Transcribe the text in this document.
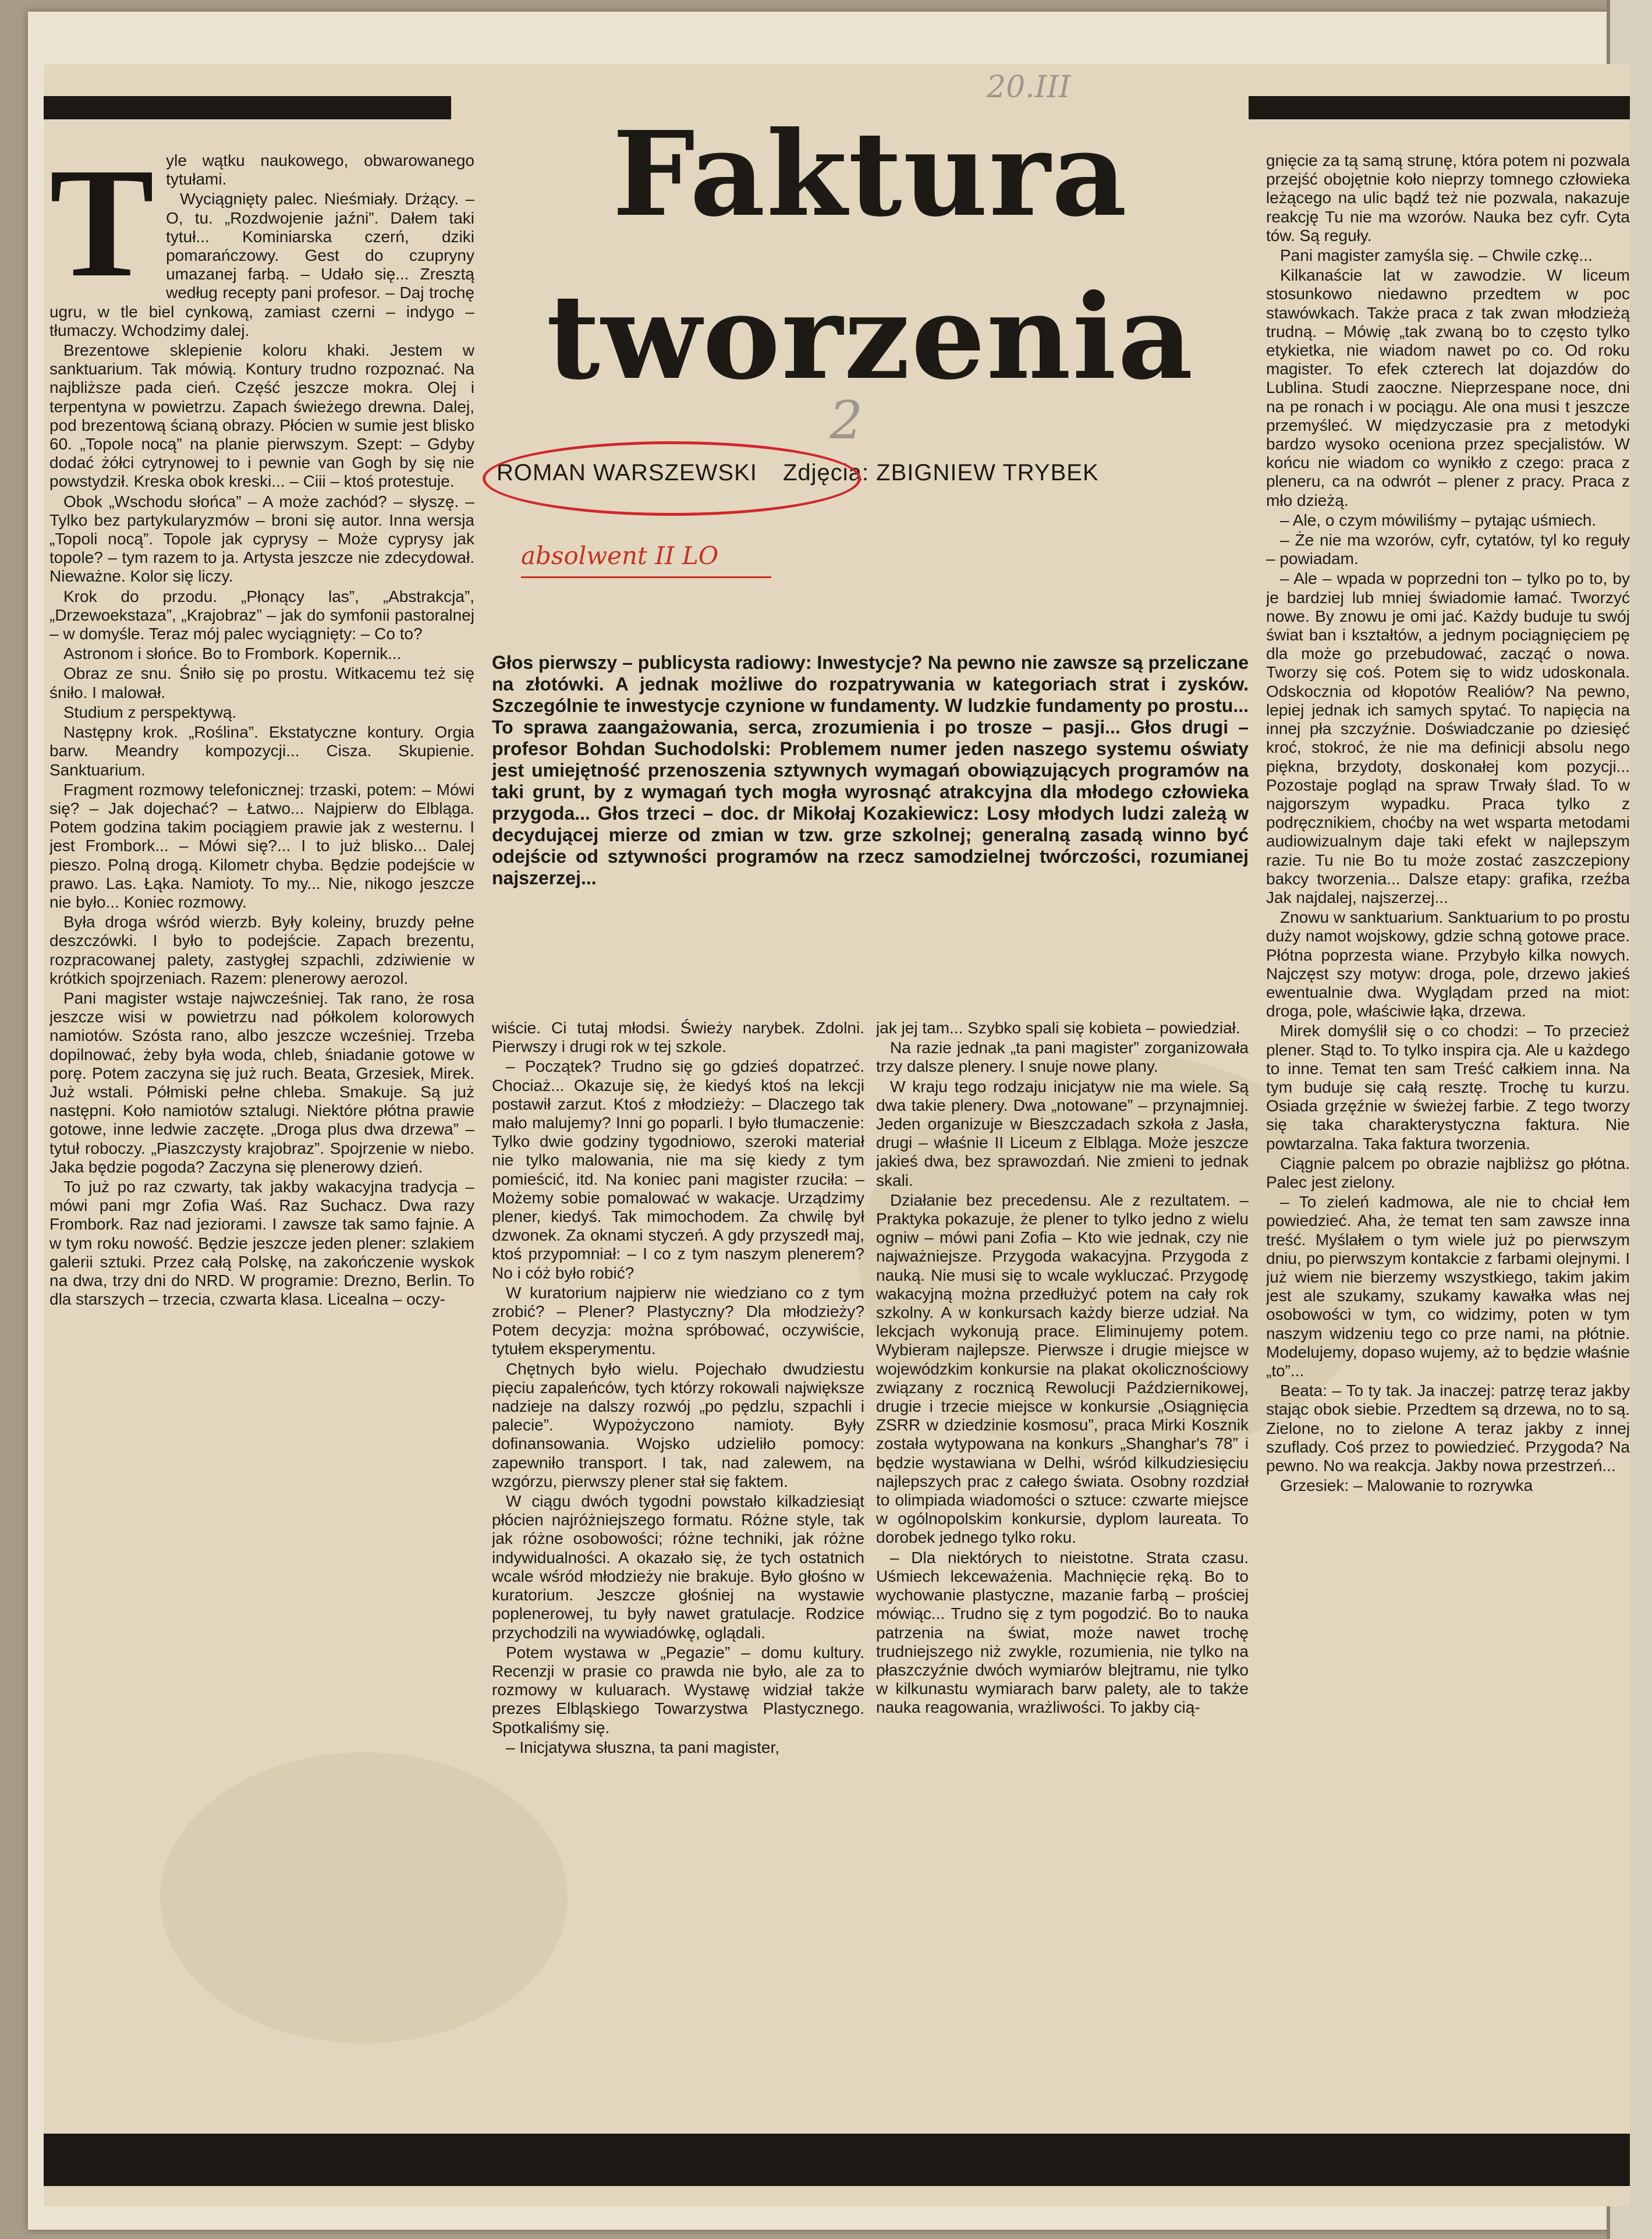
20.III
2
Faktura
tworzenia
ROMAN WARSZEWSKI Zdjęcia: ZBIGNIEW TRYBEK
absolwent II LO
Głos pierwszy – publicysta radiowy: Inwestycje? Na pewno nie zawsze są przeliczane na złotówki. A jednak możliwe do rozpatrywania w kategoriach strat i zysków. Szczególnie te inwestycje czynione w fundamenty. W ludzkie fundamenty po prostu... To sprawa zaangażowania, serca, zrozumienia i po trosze – pasji... Głos drugi – profesor Bohdan Suchodolski: Problemem numer jeden naszego systemu oświaty jest umiejętność przenoszenia sztywnych wymagań obowiązujących programów na taki grunt, by z wymagań tych mogła wyrosnąć atrakcyjna dla młodego człowieka przygoda... Głos trzeci – doc. dr Mikołaj Kozakiewicz: Losy młodych ludzi zależą w decydującej mierze od zmian w tzw. grze szkolnej; generalną zasadą winno być odejście od sztywności programów na rzecz samodzielnej twórczości, rozumianej najszerzej...
T yle wątku naukowego, obwarowanego tytułami.

Wyciągnięty palec. Nieśmiały. Drżący. – O, tu. „Rozdwojenie jaźni”. Dałem taki tytuł... Kominiarska czerń, dziki pomarańczowy. Gest do czupryny umazanej farbą. – Udało się... Zresztą według recepty pani profesor. – Daj trochę ugru, w tle biel cynkową, zamiast czerni – indygo – tłumaczy. Wchodzimy dalej.

Brezentowe sklepienie koloru khaki. Jestem w sanktuarium. Tak mówią. Kontury trudno rozpoznać. Na najbliższe pada cień. Część jeszcze mokra. Olej i terpentyna w powietrzu. Zapach świeżego drewna. Dalej, pod brezentową ścianą obrazy. Płócien w sumie jest blisko 60. „Topole nocą” na planie pierwszym. Szept: – Gdyby dodać żółci cytrynowej to i pewnie van Gogh by się nie powstydził. Kreska obok kreski... – Ciii – ktoś protestuje.

Obok „Wschodu słońca” – A może zachód? – słyszę. – Tylko bez partykularyzmów – broni się autor. Inna wersja „Topoli nocą”. Topole jak cyprysy – Może cyprysy jak topole? – tym razem to ja. Artysta jeszcze nie zdecydował. Nieważne. Kolor się liczy.

Krok do przodu. „Płonący las”, „Abstrakcja”, „Drzewoekstaza”, „Krajobraz” – jak do symfonii pastoralnej – w domyśle. Teraz mój palec wyciągnięty: – Co to?

Astronom i słońce. Bo to Frombork. Kopernik...

Obraz ze snu. Śniło się po prostu. Witkacemu też się śniło. I malował.

Studium z perspektywą.

Następny krok. „Roślina”. Ekstatyczne kontury. Orgia barw. Meandry kompozycji... Cisza. Skupienie. Sanktuarium.

Fragment rozmowy telefonicznej: trzaski, potem: – Mówi się? – Jak dojechać? – Łatwo... Najpierw do Elbląga. Potem godzina takim pociągiem prawie jak z westernu. I jest Frombork... – Mówi się?... I to już blisko... Dalej pieszo. Polną drogą. Kilometr chyba. Będzie podejście w prawo. Las. Łąka. Namioty. To my... Nie, nikogo jeszcze nie było... Koniec rozmowy.

Była droga wśród wierzb. Były koleiny, bruzdy pełne deszczówki. I było to podejście. Zapach brezentu, rozpracowanej palety, zastygłej szpachli, zdziwienie w krótkich spojrzeniach. Razem: plenerowy aerozol.

Pani magister wstaje najwcześniej. Tak rano, że rosa jeszcze wisi w powietrzu nad półkolem kolorowych namiotów. Szósta rano, albo jeszcze wcześniej. Trzeba dopilnować, żeby była woda, chleb, śniadanie gotowe w porę. Potem zaczyna się już ruch. Beata, Grzesiek, Mirek. Już wstali. Półmiski pełne chleba. Smakuje. Są już następni. Koło namiotów sztalugi. Niektóre płótna prawie gotowe, inne ledwie zaczęte. „Droga plus dwa drzewa” – tytuł roboczy. „Piaszczysty krajobraz”. Spojrzenie w niebo. Jaka będzie pogoda? Zaczyna się plenerowy dzień.

To już po raz czwarty, tak jakby wakacyjna tradycja – mówi pani mgr Zofia Waś. Raz Suchacz. Dwa razy Frombork. Raz nad jeziorami. I zawsze tak samo fajnie. A w tym roku nowość. Będzie jeszcze jeden plener: szlakiem galerii sztuki. Przez całą Polskę, na zakończenie wyskok na dwa, trzy dni do NRD. W programie: Drezno, Berlin. To dla starszych – trzecia, czwarta klasa. Licealna – oczy-

wiście. Ci tutaj młodsi. Świeży narybek. Zdolni. Pierwszy i drugi rok w tej szkole.

– Początek? Trudno się go gdzieś dopatrzeć. Chociaż... Okazuje się, że kiedyś ktoś na lekcji postawił zarzut. Ktoś z młodzieży: – Dlaczego tak mało malujemy? Inni go poparli. I było tłumaczenie: Tylko dwie godziny tygodniowo, szeroki materiał nie tylko malowania, nie ma się kiedy z tym pomieścić, itd. Na koniec pani magister rzuciła: – Możemy sobie pomalować w wakacje. Urządzimy plener, kiedyś. Tak mimochodem. Za chwilę był dzwonek. Za oknami styczeń. A gdy przyszedł maj, ktoś przypomniał: – I co z tym naszym plenerem? No i cóż było robić?

W kuratorium najpierw nie wiedziano co z tym zrobić? – Plener? Plastyczny? Dla młodzieży? Potem decyzja: można spróbować, oczywiście, tytułem eksperymentu.

Chętnych było wielu. Pojechało dwudziestu pięciu zapaleńców, tych którzy rokowali największe nadzieje na dalszy rozwój „po pędzlu, szpachli i palecie”. Wypożyczono namioty. Były dofinansowania. Wojsko udzieliło pomocy: zapewniło transport. I tak, nad zalewem, na wzgórzu, pierwszy plener stał się faktem.

W ciągu dwóch tygodni powstało kilkadziesiąt płócien najróżniejszego formatu. Różne style, tak jak różne osobowości; różne techniki, jak różne indywidualności. A okazało się, że tych ostatnich wcale wśród młodzieży nie brakuje. Było głośno w kuratorium. Jeszcze głośniej na wystawie poplenerowej, tu były nawet gratulacje. Rodzice przychodzili na wywiadówkę, oglądali.

Potem wystawa w „Pegazie” – domu kultury. Recenzji w prasie co prawda nie było, ale za to rozmowy w kuluarach. Wystawę widział także prezes Elbląskiego Towarzystwa Plastycznego. Spotkaliśmy się.

– Inicjatywa słuszna, ta pani magister,

jak jej tam... Szybko spali się kobieta – powiedział.

Na razie jednak „ta pani magister” zorganizowała trzy dalsze plenery. I snuje nowe plany.

W kraju tego rodzaju inicjatyw nie ma wiele. Są dwa takie plenery. Dwa „notowane” – przynajmniej. Jeden organizuje w Bieszczadach szkoła z Jasła, drugi – właśnie II Liceum z Elbląga. Może jeszcze jakieś dwa, bez sprawozdań. Nie zmieni to jednak skali.

Działanie bez precedensu. Ale z rezultatem. – Praktyka pokazuje, że plener to tylko jedno z wielu ogniw – mówi pani Zofia – Kto wie jednak, czy nie najważniejsze. Przygoda wakacyjna. Przygoda z nauką. Nie musi się to wcale wykluczać. Przygodę wakacyjną można przedłużyć potem na cały rok szkolny. A w konkursach każdy bierze udział. Na lekcjach wykonują prace. Eliminujemy potem. Wybieram najlepsze. Pierwsze i drugie miejsce w wojewódzkim konkursie na plakat okolicznościowy związany z rocznicą Rewolucji Październikowej, drugie i trzecie miejsce w konkursie „Osiągnięcia ZSRR w dziedzinie kosmosu”, praca Mirki Kosznik została wytypowana na konkurs „Shanghar's 78” i będzie wystawiana w Delhi, wśród kilkudziesięciu najlepszych prac z całego świata. Osobny rozdział to olimpiada wiadomości o sztuce: czwarte miejsce w ogólnopolskim konkursie, dyplom laureata. To dorobek jednego tylko roku.

– Dla niektórych to nieistotne. Strata czasu. Uśmiech lekceważenia. Machnięcie ręką. Bo to wychowanie plastyczne, mazanie farbą – prościej mówiąc... Trudno się z tym pogodzić. Bo to nauka patrzenia na świat, może nawet trochę trudniejszego niż zwykle, rozumienia, nie tylko na płaszczyźnie dwóch wymiarów blejtramu, nie tylko w kilkunastu wymiarach barw palety, ale to także nauka reagowania, wrażliwości. To jakby cią-

gnięcie za tą samą strunę, która potem ni pozwala przejść obojętnie koło nieprzy tomnego człowieka leżącego na ulic bądź też nie pozwala, nakazuje reakcję Tu nie ma wzorów. Nauka bez cyfr. Cyta tów. Są reguły.

Pani magister zamyśla się. – Chwile czkę...

Kilkanaście lat w zawodzie. W liceum stosunkowo niedawno przedtem w poc stawówkach. Także praca z tak zwan młodzieżą trudną. – Mówię „tak zwaną bo to często tylko etykietka, nie wiadom nawet po co. Od roku magister. To efek czterech lat dojazdów do Lublina. Studi zaoczne. Nieprzespane noce, dni na pe ronach i w pociągu. Ale ona musi t jeszcze przemyśleć. W międzyczasie pra z metodyki bardzo wysoko oceniona przez specjalistów. W końcu nie wiadom co wynikło z czego: praca z pleneru, ca na odwrót – plener z pracy. Praca z mło dzieżą.

– Ale, o czym mówiliśmy – pytając uśmiech.

– Że nie ma wzorów, cyfr, cytatów, tyl ko reguły – powiadam.

– Ale – wpada w poprzedni ton – tylko po to, by je bardziej lub mniej świadomie łamać. Tworzyć nowe. By znowu je omi jać. Każdy buduje tu swój świat ban i kształtów, a jednym pociągnięciem pę dla może go przebudować, zacząć o nowa. Tworzy się coś. Potem się to widz udoskonala. Odskocznia od kłopotów Realiów? Na pewno, lepiej jednak ich samych spytać. To napięcia na innej pła szczyźnie. Doświadczanie po dziesięć kroć, stokroć, że nie ma definicji absolu nego piękna, brzydoty, doskonałej kom pozycji... Pozostaje pogląd na spraw Trwały ślad. To w najgorszym wypadku. Praca tylko z podręcznikiem, choćby na wet wsparta metodami audiowizualnym daje taki efekt w najlepszym razie. Tu nie Bo tu może zostać zaszczepiony bakcy tworzenia... Dalsze etapy: grafika, rzeźba Jak najdalej, najszerzej...

Znowu w sanktuarium. Sanktuarium to po prostu duży namot wojskowy, gdzie schną gotowe prace. Płótna poprzesta wiane. Przybyło kilka nowych. Najczęst szy motyw: droga, pole, drzewo jakieś ewentualnie dwa. Wyglądam przed na miot: droga, pole, właściwie łąka, drzewa.

Mirek domyślił się o co chodzi: – To przecież plener. Stąd to. To tylko inspira cja. Ale u każdego to inne. Temat ten sam Treść całkiem inna. Na tym buduje się całą resztę. Trochę tu kurzu. Osiada grzęźnie w świeżej farbie. Z tego tworzy się taka charakterystyczna faktura. Nie powtarzalna. Taka faktura tworzenia.

Ciągnie palcem po obrazie najbliższ go płótna. Palec jest zielony.

– To zieleń kadmowa, ale nie to chciał łem powiedzieć. Aha, że temat ten sam zawsze inna treść. Myślałem o tym wiele już po pierwszym dniu, po pierwszym kontakcie z farbami olejnymi. I już wiem nie bierzemy wszystkiego, takim jakim jest ale szukamy, szukamy kawałka włas nej osobowości w tym, co widzimy, poten w tym naszym widzeniu tego co prze nami, na płótnie. Modelujemy, dopaso wujemy, aż to będzie właśnie „to”...

Beata: – To ty tak. Ja inaczej: patrzę teraz jakby stając obok siebie. Przedtem są drzewa, no to są. Zielone, no to zielone A teraz jakby z innej szuflady. Coś przez to powiedzieć. Przygoda? Na pewno. No wa reakcja. Jakby nowa przestrzeń...

Grzesiek: – Malowanie to rozrywka
